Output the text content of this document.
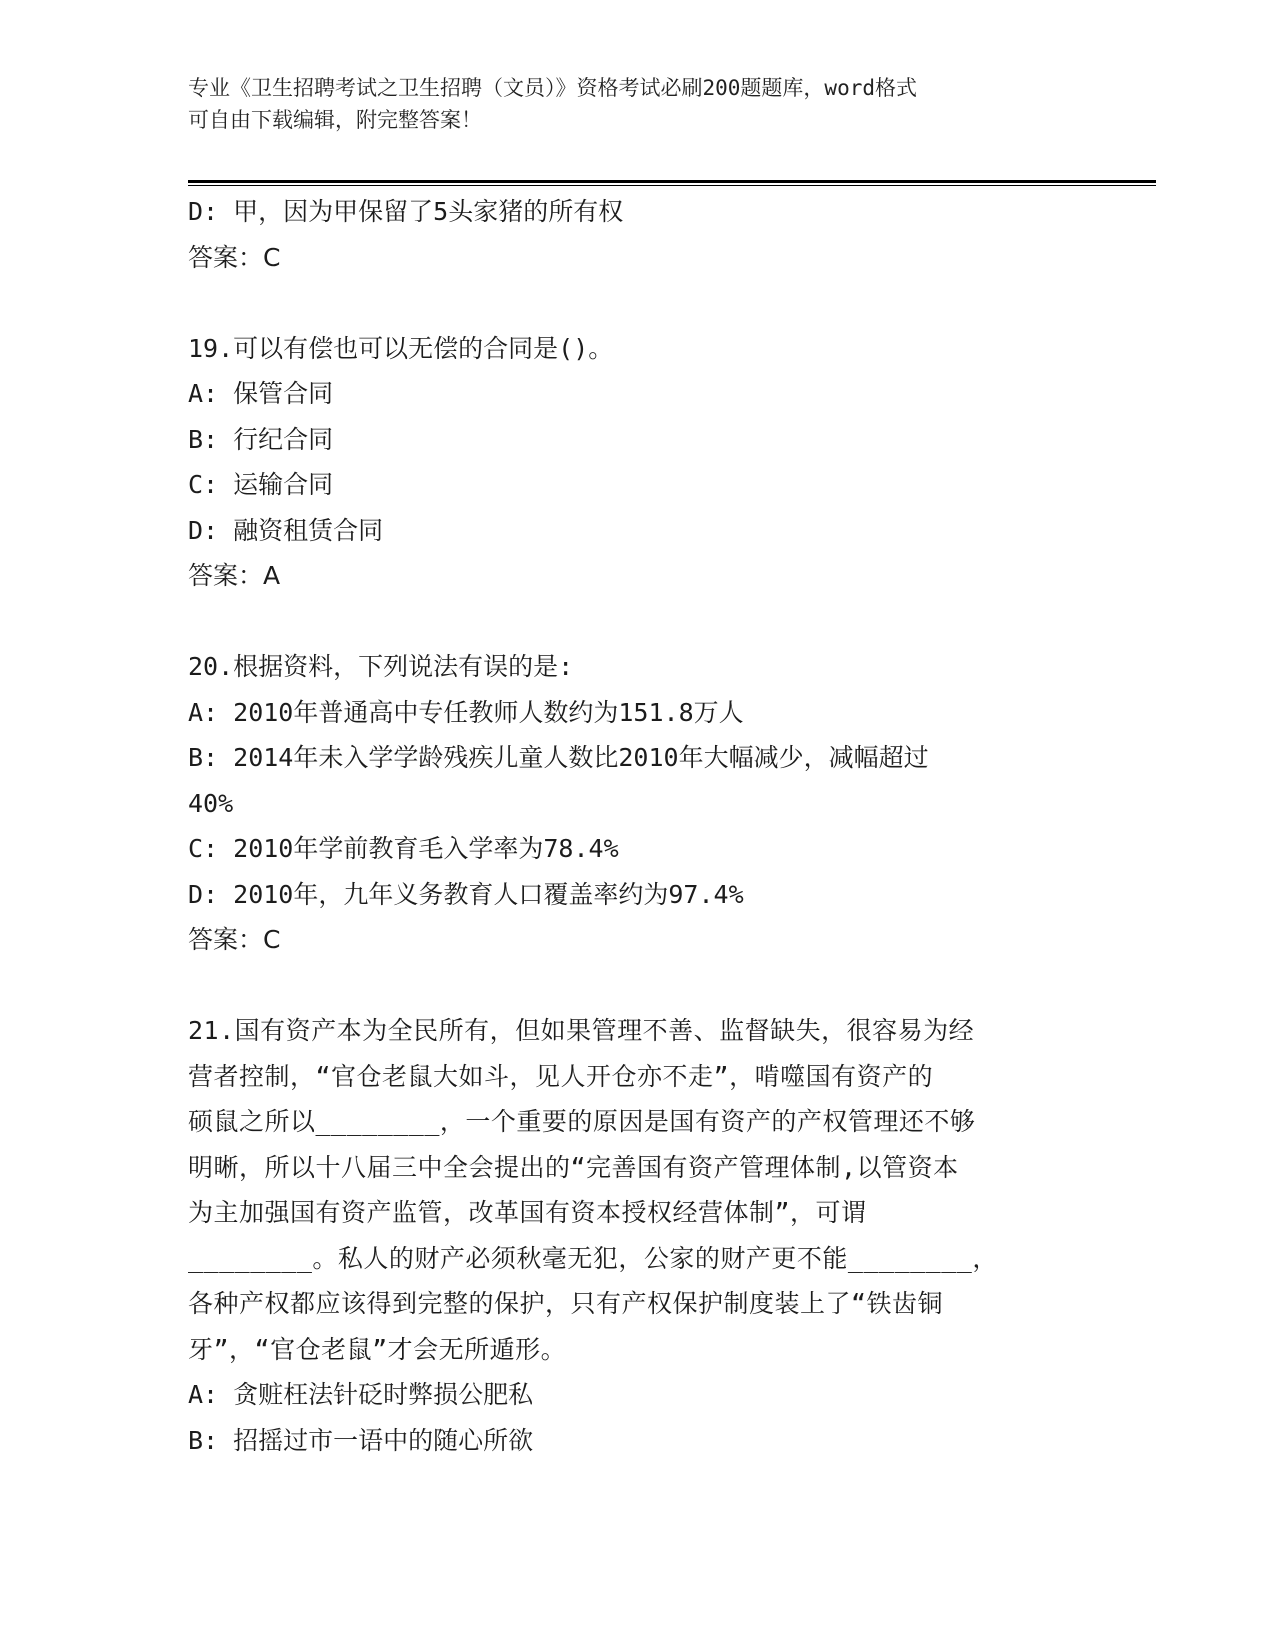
专业《卫生招聘考试之卫生招聘（文员）》资格考试必刷200题题库，word格式
可自由下载编辑，附完整答案！
D: 甲，因为甲保留了5头家猪的所有权
答案：C
19.可以有偿也可以无偿的合同是()。
A: 保管合同
B: 行纪合同
C: 运输合同
D: 融资租赁合同
答案：A
20.根据资料，下列说法有误的是:
A: 2010年普通高中专任教师人数约为151.8万人
B: 2014年未入学学龄残疾儿童人数比2010年大幅减少，减幅超过
40%
C: 2010年学前教育毛入学率为78.4%
D: 2010年，九年义务教育人口覆盖率约为97.4%
答案：C
21.国有资产本为全民所有，但如果管理不善、监督缺失，很容易为经
营者控制，“官仓老鼠大如斗，见人开仓亦不走”，啃噬国有资产的
硕鼠之所以________，一个重要的原因是国有资产的产权管理还不够
明晰，所以十八届三中全会提出的“完善国有资产管理体制,以管资本
为主加强国有资产监管，改革国有资本授权经营体制”，可谓
________。私人的财产必须秋毫无犯，公家的财产更不能________，
各种产权都应该得到完整的保护，只有产权保护制度装上了“铁齿铜
牙”，“官仓老鼠”才会无所遁形。
A: 贪赃枉法针砭时弊损公肥私
B: 招摇过市一语中的随心所欲
